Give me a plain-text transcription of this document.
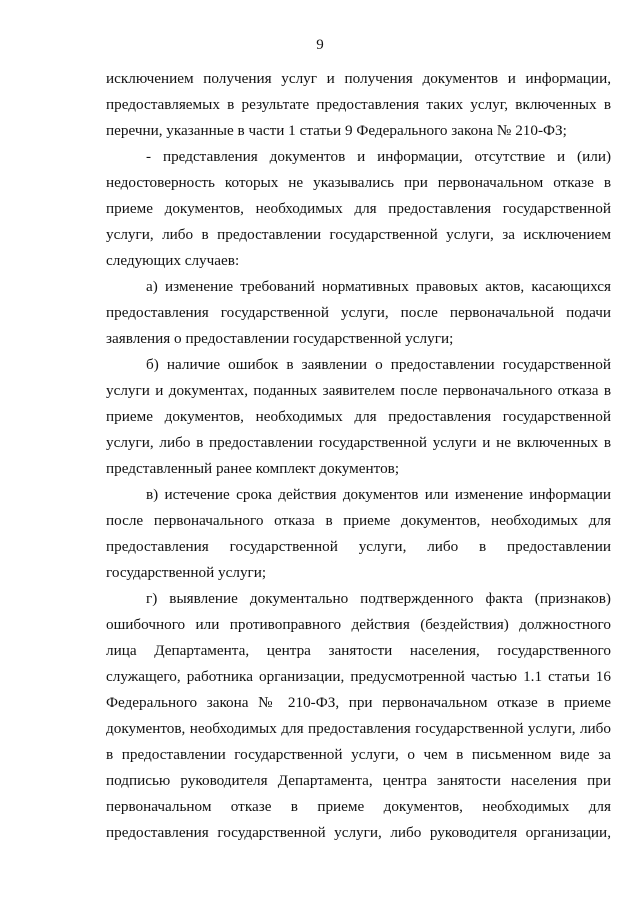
9

исключением получения услуг и получения документов и информации, предоставляемых в результате предоставления таких услуг, включенных в перечни, указанные в части 1 статьи 9 Федерального закона № 210-ФЗ;

- представления документов и информации, отсутствие и (или) недостоверность которых не указывались при первоначальном отказе в приеме документов, необходимых для предоставления государственной услуги, либо в предоставлении государственной услуги, за исключением следующих случаев:

а) изменение требований нормативных правовых актов, касающихся предоставления государственной услуги, после первоначальной подачи заявления о предоставлении государственной услуги;

б) наличие ошибок в заявлении о предоставлении государственной услуги и документах, поданных заявителем после первоначального отказа в приеме документов, необходимых для предоставления государственной услуги, либо в предоставлении государственной услуги и не включенных в представленный ранее комплект документов;

в) истечение срока действия документов или изменение информации после первоначального отказа в приеме документов, необходимых для предоставления государственной услуги, либо в предоставлении государственной услуги;

г) выявление документально подтвержденного факта (признаков) ошибочного или противоправного действия (бездействия) должностного лица Департамента, центра занятости населения, государственного служащего, работника организации, предусмотренной частью 1.1 статьи 16 Федерального закона № 210-ФЗ, при первоначальном отказе в приеме документов, необходимых для предоставления государственной услуги, либо в предоставлении государственной услуги, о чем в письменном виде за подписью руководителя Департамента, центра занятости населения при первоначальном отказе в приеме документов, необходимых для предоставления государственной услуги, либо руководителя организации,
